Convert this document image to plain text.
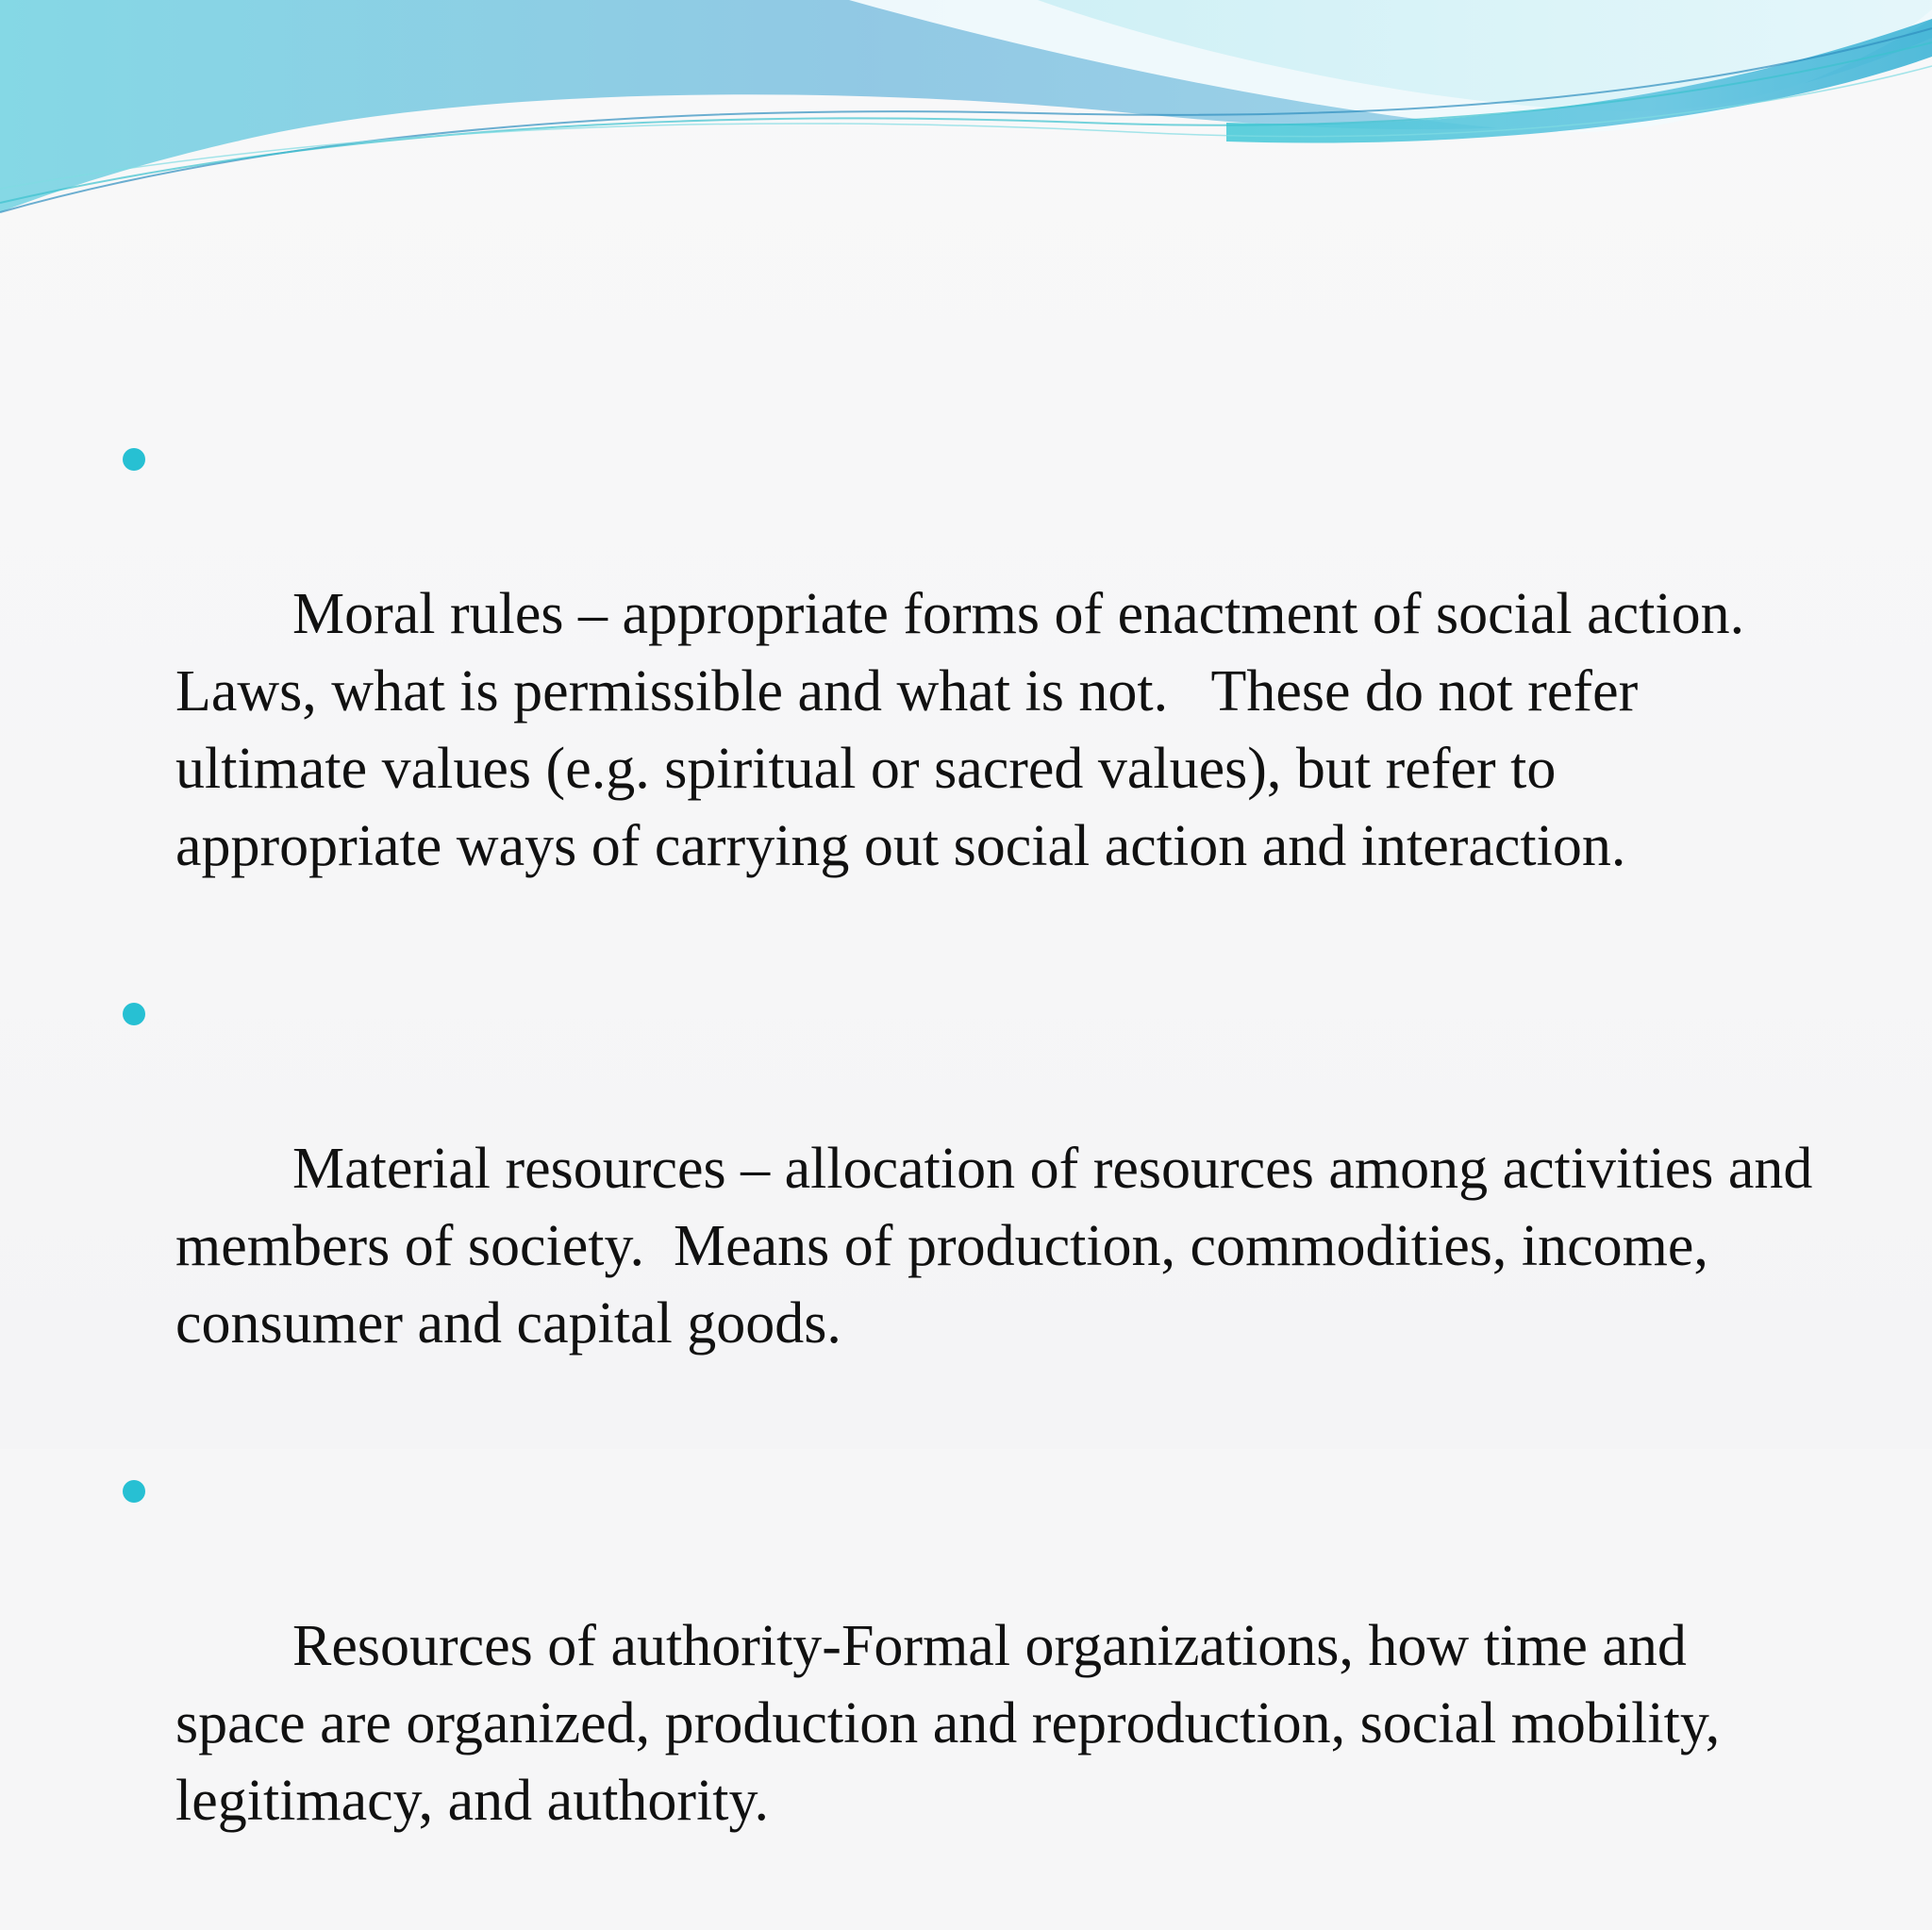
Moral rules – appropriate forms of enactment of social action.  Laws, what is permissible and what is not.   These do not refer ultimate values (e.g. spiritual or sacred values), but refer to appropriate ways of carrying out social action and interaction.

Material resources – allocation of resources among activities and members of society.  Means of production, commodities, income, consumer and capital goods.

Resources of authority-Formal organizations, how time and space are organized, production and reproduction, social mobility, legitimacy, and authority.
